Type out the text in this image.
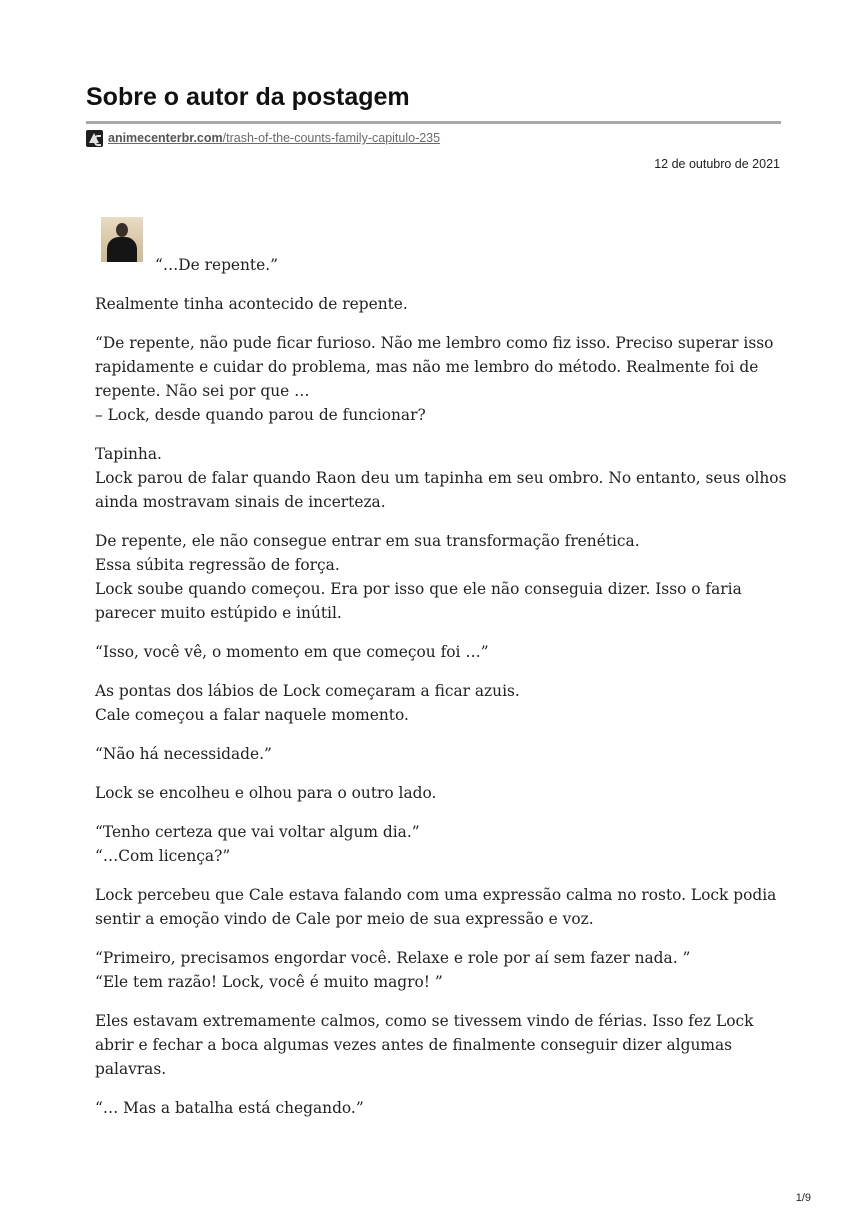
Sobre o autor da postagem
animecenterbr.com/trash-of-the-counts-family-capitulo-235
12 de outubro de 2021

“…De repente.”

Realmente tinha acontecido de repente.

“De repente, não pude ficar furioso. Não me lembro como fiz isso. Preciso superar isso rapidamente e cuidar do problema, mas não me lembro do método. Realmente foi de repente. Não sei por que …
– Lock, desde quando parou de funcionar?

Tapinha.
Lock parou de falar quando Raon deu um tapinha em seu ombro. No entanto, seus olhos ainda mostravam sinais de incerteza.

De repente, ele não consegue entrar em sua transformação frenética.
Essa súbita regressão de força.
Lock soube quando começou. Era por isso que ele não conseguia dizer. Isso o faria parecer muito estúpido e inútil.

“Isso, você vê, o momento em que começou foi …”

As pontas dos lábios de Lock começaram a ficar azuis.
Cale começou a falar naquele momento.

“Não há necessidade.”

Lock se encolheu e olhou para o outro lado.

“Tenho certeza que vai voltar algum dia.”
“…Com licença?”

Lock percebeu que Cale estava falando com uma expressão calma no rosto. Lock podia sentir a emoção vindo de Cale por meio de sua expressão e voz.

“Primeiro, precisamos engordar você. Relaxe e role por aí sem fazer nada. ”
“Ele tem razão! Lock, você é muito magro! ”

Eles estavam extremamente calmos, como se tivessem vindo de férias. Isso fez Lock abrir e fechar a boca algumas vezes antes de finalmente conseguir dizer algumas palavras.

“… Mas a batalha está chegando.”

1/9
